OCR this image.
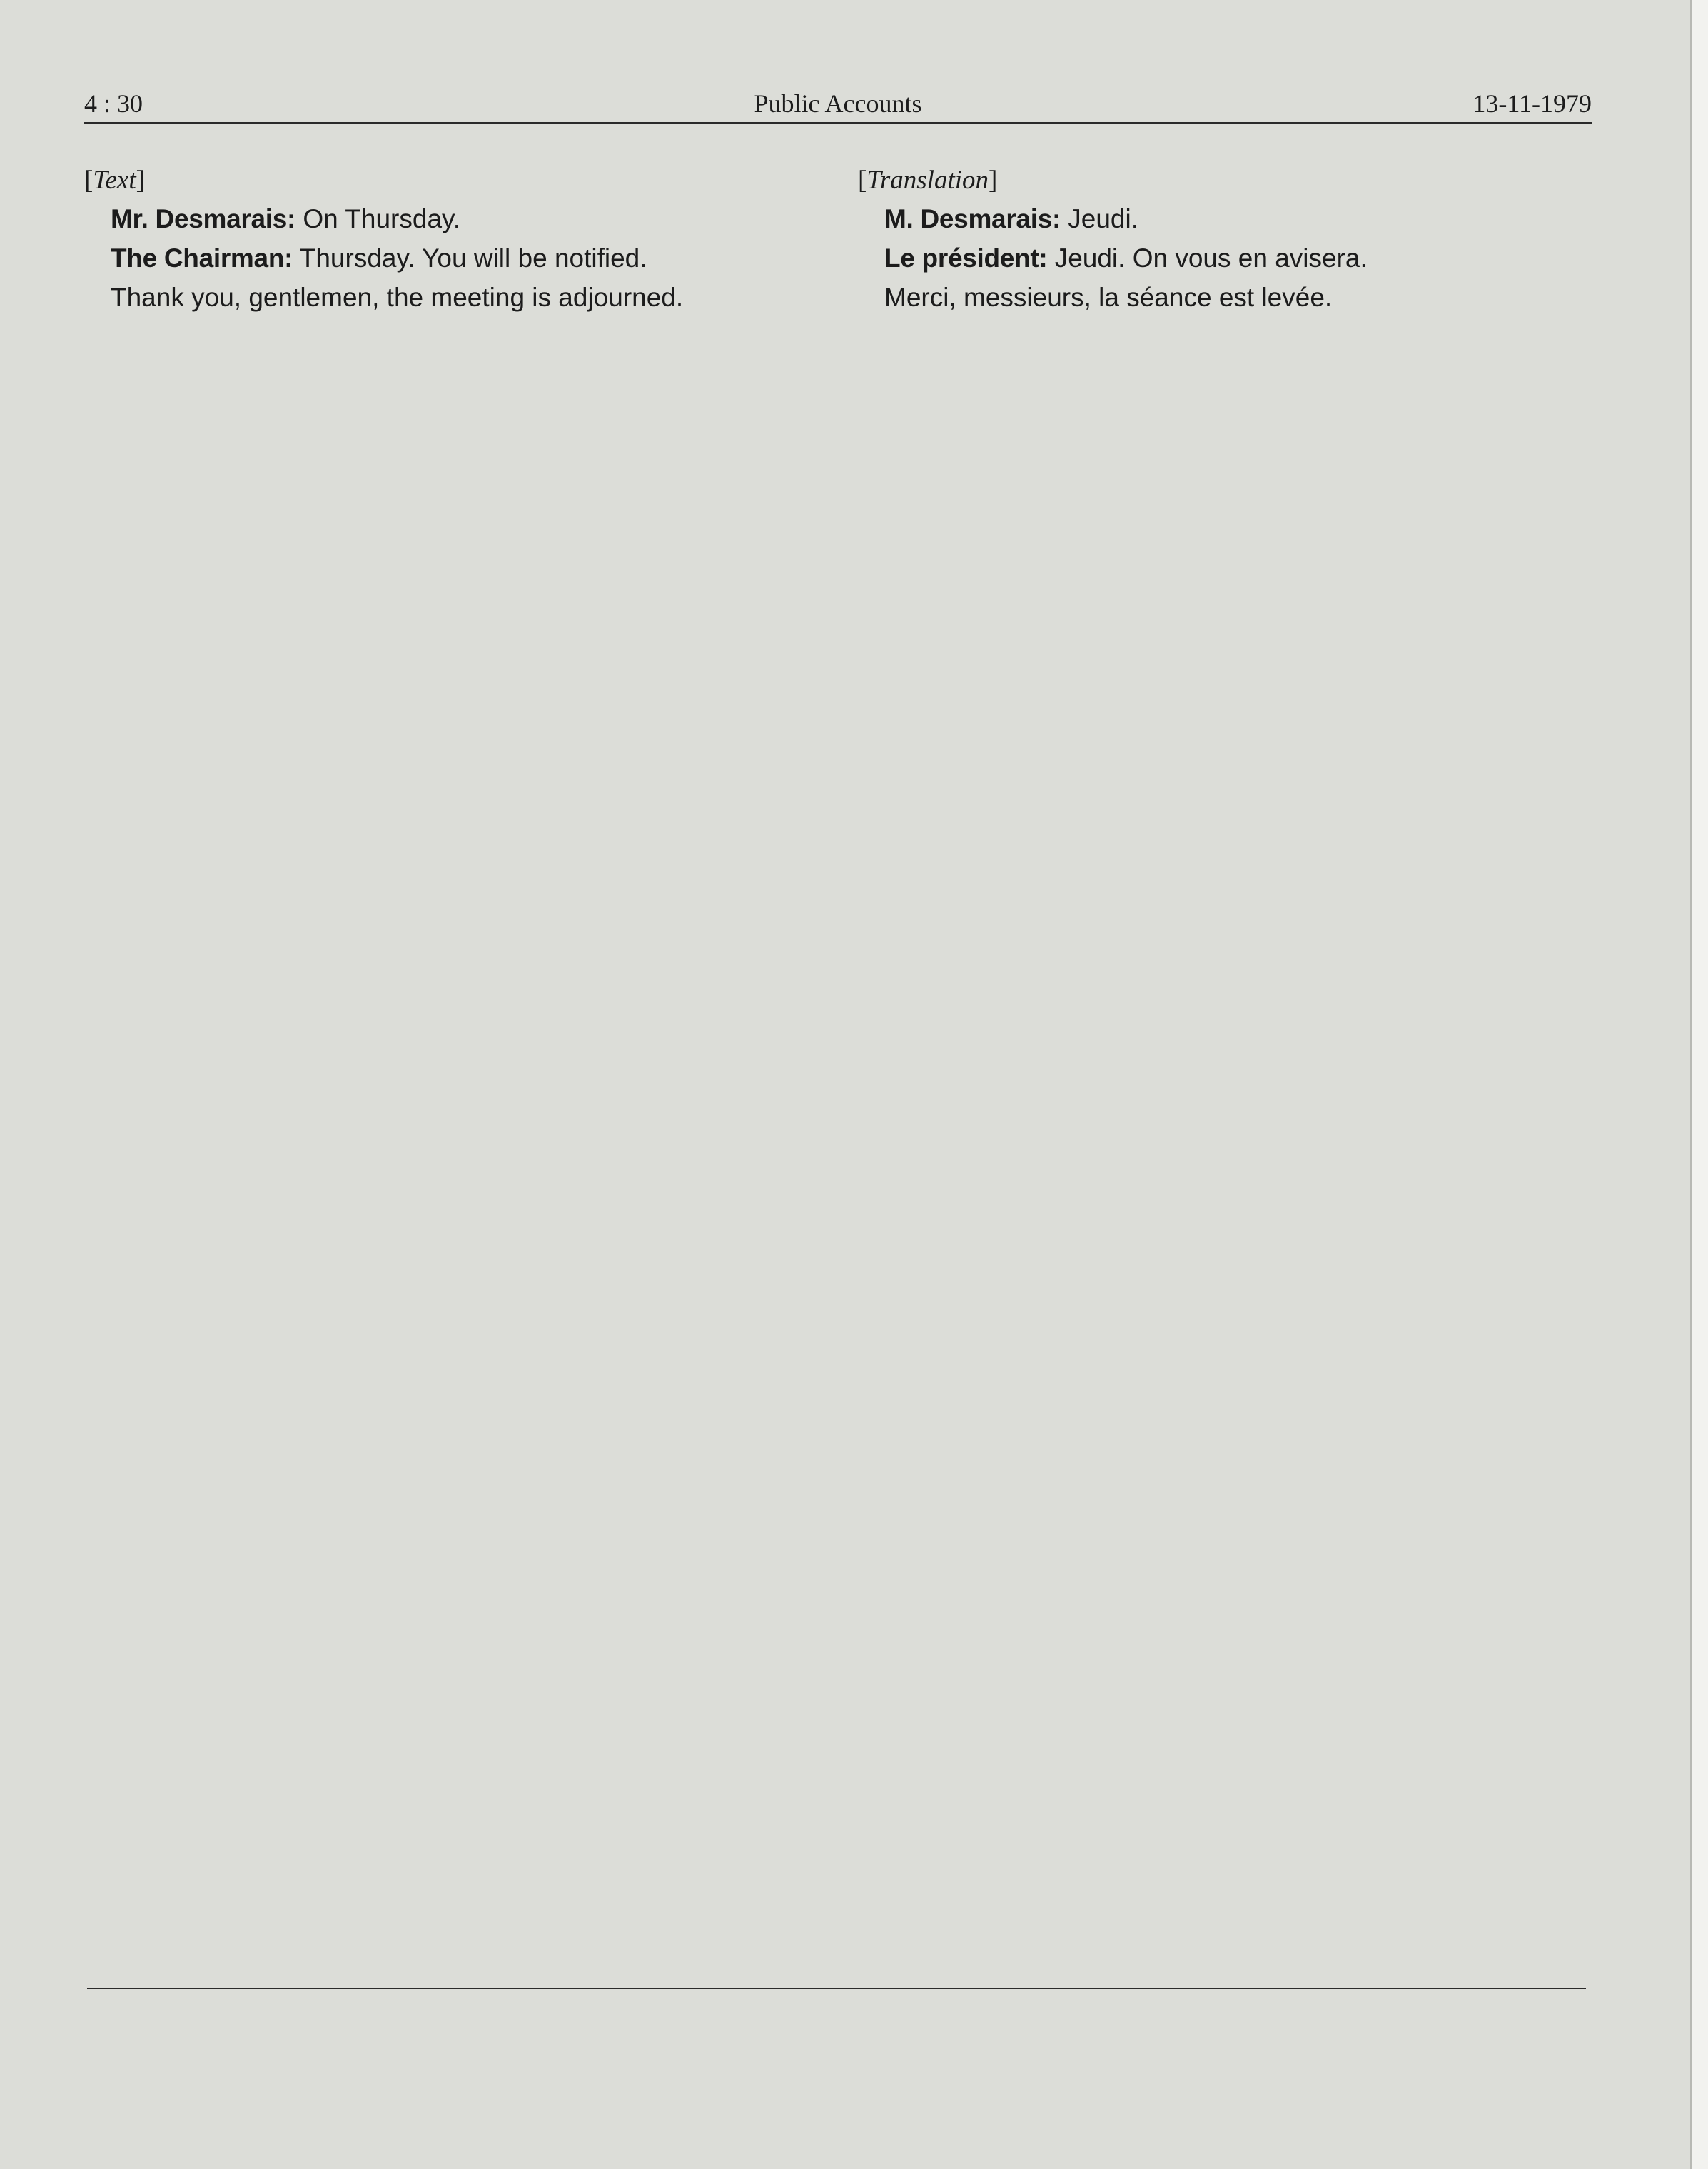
4 : 30	Public Accounts	13-11-1979

[Text]

Mr. Desmarais: On Thursday.

The Chairman: Thursday. You will be notified.

Thank you, gentlemen, the meeting is adjourned.

[Translation]

M. Desmarais: Jeudi.

Le président: Jeudi. On vous en avisera.

Merci, messieurs, la séance est levée.
